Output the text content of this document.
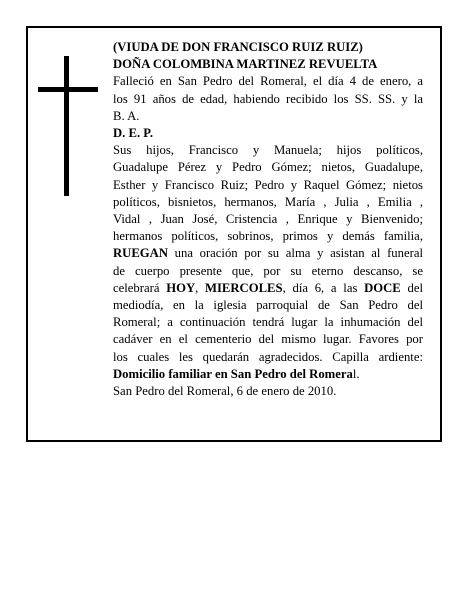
(VIUDA DE DON FRANCISCO RUIZ RUIZ)
DOÑA COLOMBINA MARTINEZ REVUELTA
Falleció en San Pedro del Romeral, el día 4 de enero, a
los 91 años de edad, habiendo recibido los SS. SS. y la
B. A.
D. E. P.
Sus hijos, Francisco y Manuela; hijos políticos,
Guadalupe Pérez y Pedro Gómez; nietos, Guadalupe,
Esther y Francisco Ruiz; Pedro y Raquel Gómez; nietos
políticos, bisnietos, hermanos, María , Julia , Emilia ,
Vidal , Juan José, Cristencia , Enrique y Bienvenido;
hermanos políticos, sobrinos, primos y demás familia,
RUEGAN una oración por su alma y asistan al funeral
de cuerpo presente que, por su eterno descanso, se
celebrará HOY, MIERCOLES, día 6, a las DOCE del
mediodía, en la iglesia parroquial de San Pedro del
Romeral; a continuación tendrá lugar la inhumación del
cadáver en el cementerio del mismo lugar. Favores por
los cuales les quedarán agradecidos. Capilla ardiente:
Domicilio familiar en San Pedro del Romeral.
San Pedro del Romeral, 6 de enero de 2010.
